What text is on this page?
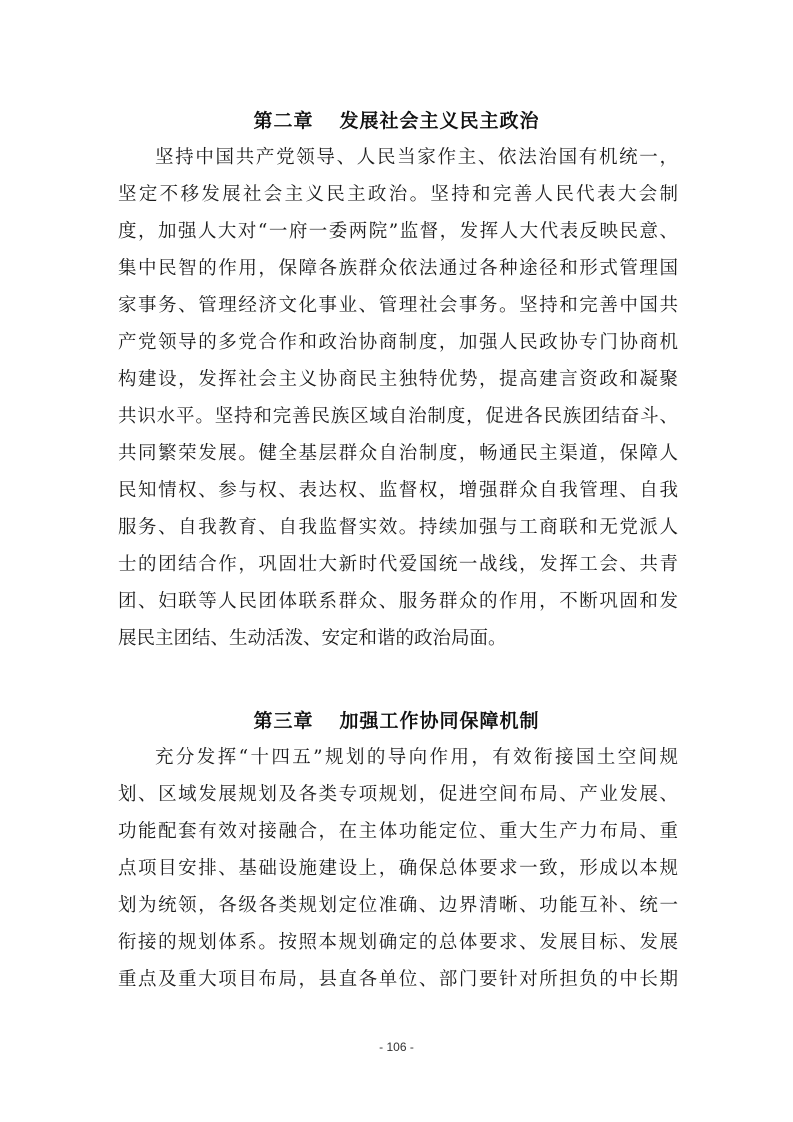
第二章 发展社会主义民主政治

坚持中国共产党领导、人民当家作主、依法治国有机统一，

坚定不移发展社会主义民主政治。坚持和完善人民代表大会制

度，加强人大对“一府一委两院”监督，发挥人大代表反映民意、

集中民智的作用，保障各族群众依法通过各种途径和形式管理国

家事务、管理经济文化事业、管理社会事务。坚持和完善中国共

产党领导的多党合作和政治协商制度，加强人民政协专门协商机

构建设，发挥社会主义协商民主独特优势，提高建言资政和凝聚

共识水平。坚持和完善民族区域自治制度，促进各民族团结奋斗、

共同繁荣发展。健全基层群众自治制度，畅通民主渠道，保障人

民知情权、参与权、表达权、监督权，增强群众自我管理、自我

服务、自我教育、自我监督实效。持续加强与工商联和无党派人

士的团结合作，巩固壮大新时代爱国统一战线，发挥工会、共青

团、妇联等人民团体联系群众、服务群众的作用，不断巩固和发

展民主团结、生动活泼、安定和谐的政治局面。

第三章 加强工作协同保障机制

充分发挥“十四五”规划的导向作用，有效衔接国土空间规

划、区域发展规划及各类专项规划，促进空间布局、产业发展、

功能配套有效对接融合，在主体功能定位、重大生产力布局、重

点项目安排、基础设施建设上，确保总体要求一致，形成以本规

划为统领，各级各类规划定位准确、边界清晰、功能互补、统一

衔接的规划体系。按照本规划确定的总体要求、发展目标、发展

重点及重大项目布局，县直各单位、部门要针对所担负的中长期

- 106 -
